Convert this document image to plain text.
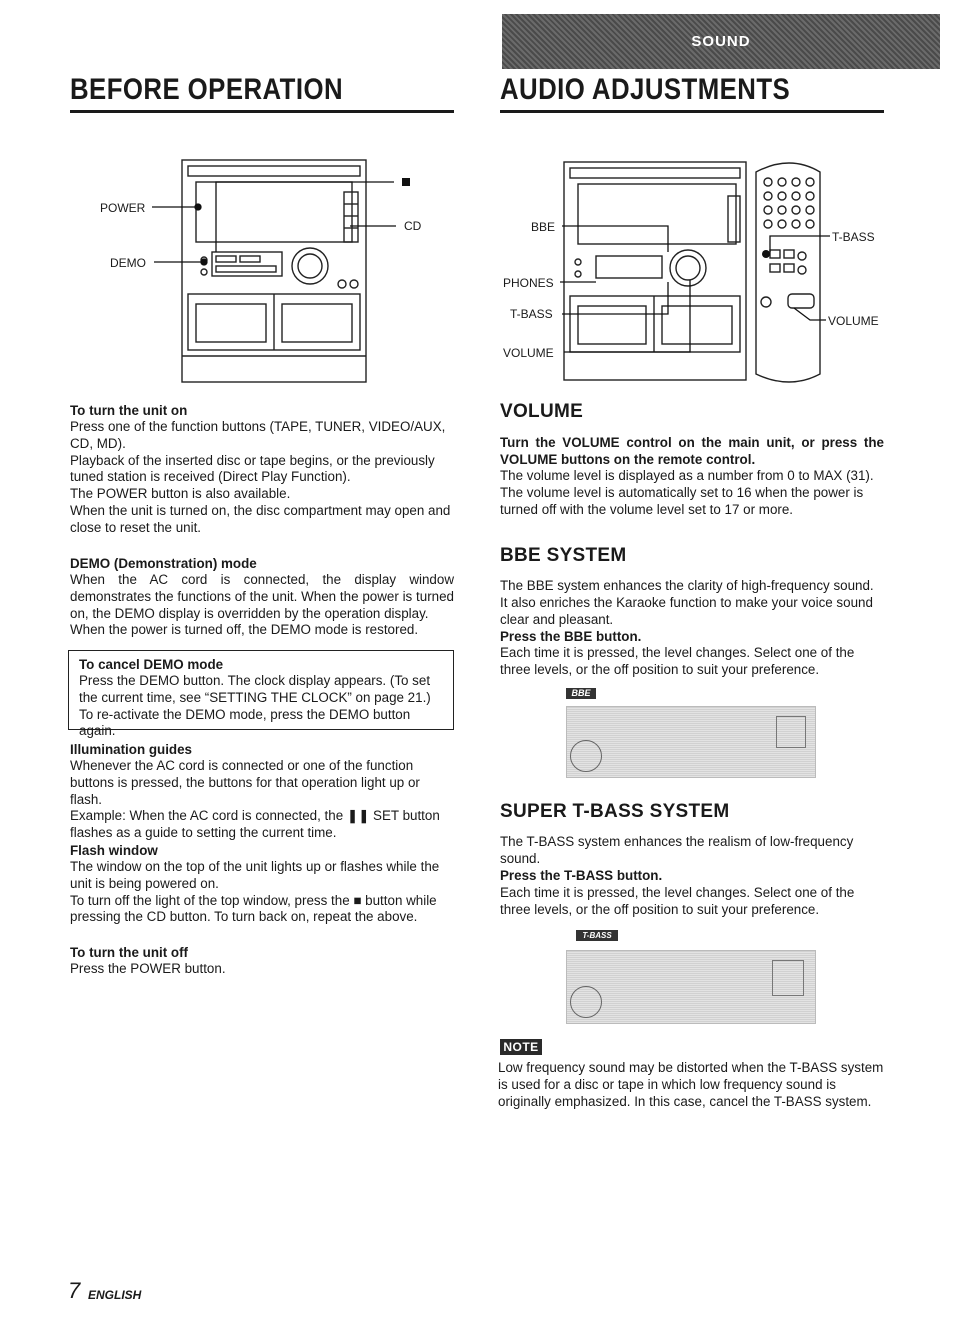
SOUND
BEFORE OPERATION	AUDIO ADJUSTMENTS
POWER
DEMO
CD
To turn the unit on
Press one of the function buttons (TAPE, TUNER, VIDEO/AUX, CD, MD).
Playback of the inserted disc or tape begins, or the previously tuned station is received (Direct Play Function).
The POWER button is also available.
When the unit is turned on, the disc compartment may open and close to reset the unit.
DEMO (Demonstration) mode
When the AC cord is connected, the display window demonstrates the functions of the unit. When the power is turned on, the DEMO display is overridden by the operation display.
When the power is turned off, the DEMO mode is restored.
To cancel DEMO mode
Press the DEMO button. The clock display appears. (To set the current time, see “SETTING THE CLOCK” on page 21.)
To re-activate the DEMO mode, press the DEMO button again.
Illumination guides
Whenever the AC cord is connected or one of the function buttons is pressed, the buttons for that operation light up or flash.
Example: When the AC cord is connected, the ❚❚ SET button flashes as a guide to setting the current time.
Flash window
The window on the top of the unit lights up or flashes while the unit is being powered on.
To turn off the light of the top window, press the ■ button while pressing the CD button. To turn back on, repeat the above.
To turn the unit off
Press the POWER button.
BBE
PHONES
T-BASS
VOLUME
T-BASS
VOLUME
VOLUME
Turn the VOLUME control on the main unit, or press the VOLUME buttons on the remote control.
The volume level is displayed as a number from 0 to MAX (31).
The volume level is automatically set to 16 when the power is turned off with the volume level set to 17 or more.
BBE SYSTEM
The BBE system enhances the clarity of high-frequency sound. It also enriches the Karaoke function to make your voice sound clear and pleasant.
Press the BBE button.
Each time it is pressed, the level changes. Select one of the three levels, or the off position to suit your preference.
BBE
SUPER T-BASS SYSTEM
The T-BASS system enhances the realism of low-frequency sound.
Press the T-BASS button.
Each time it is pressed, the level changes. Select one of the three levels, or the off position to suit your preference.
T-BASS
NOTE
Low frequency sound may be distorted when the T-BASS system is used for a disc or tape in which low frequency sound is originally emphasized. In this case, cancel the T-BASS system.
7 ENGLISH
